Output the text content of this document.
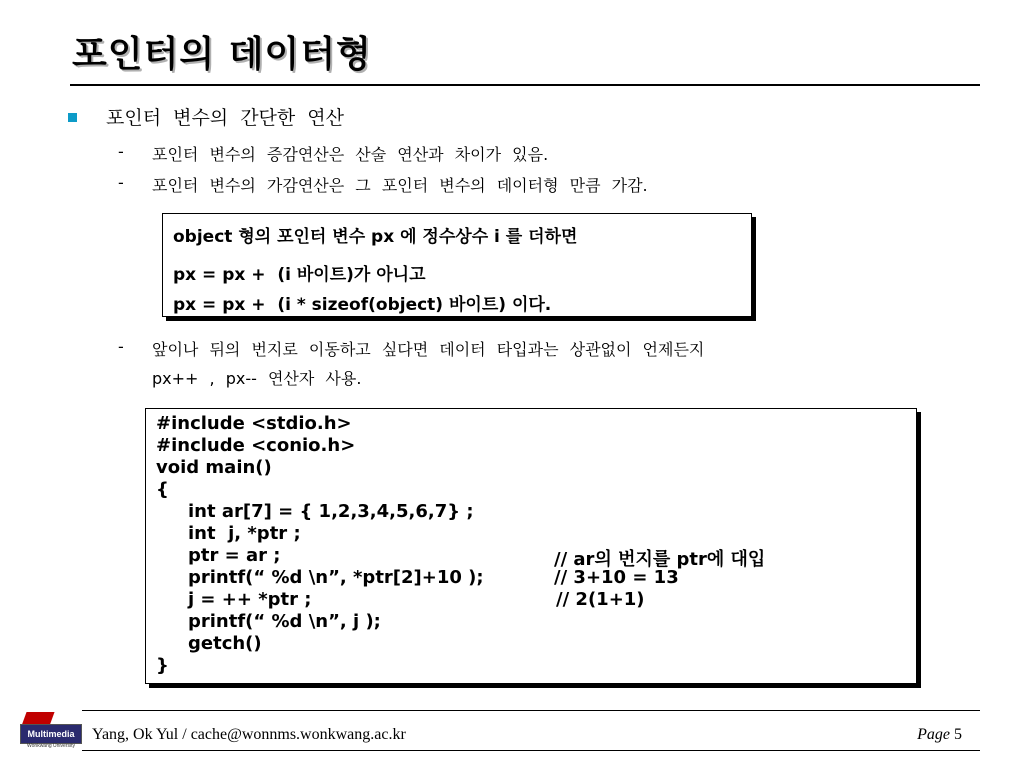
포인터의 데이터형
포인터 변수의 간단한 연산
- 포인터 변수의 증감연산은 산술 연산과 차이가 있음.
- 포인터 변수의 가감연산은 그 포인터 변수의 데이터형 만큼 가감.
object 형의 포인터 변수 px 에 정수상수 i 를 더하면
px = px +  (i 바이트)가 아니고
px = px +  (i * sizeof(object) 바이트) 이다.
- 앞이나 뒤의 번지로 이동하고 싶다면 데이터 타입과는 상관없이 언제든지
px++ , px-- 연산자 사용.
#include <stdio.h>
#include <conio.h>
void main()
{
int ar[7] = { 1,2,3,4,5,6,7} ;
int  j, *ptr ;
ptr = ar ;
printf(“ %d \n”, *ptr[2]+10 );
j = ++ *ptr ;
printf(“ %d \n”, j );
getch()
}
// ar의 번지를 ptr에 대입
// 3+10 = 13
// 2(1+1)
Multimedia
Wonkwang University
Yang, Ok Yul / cache@wonnms.wonkwang.ac.kr	Page 5
